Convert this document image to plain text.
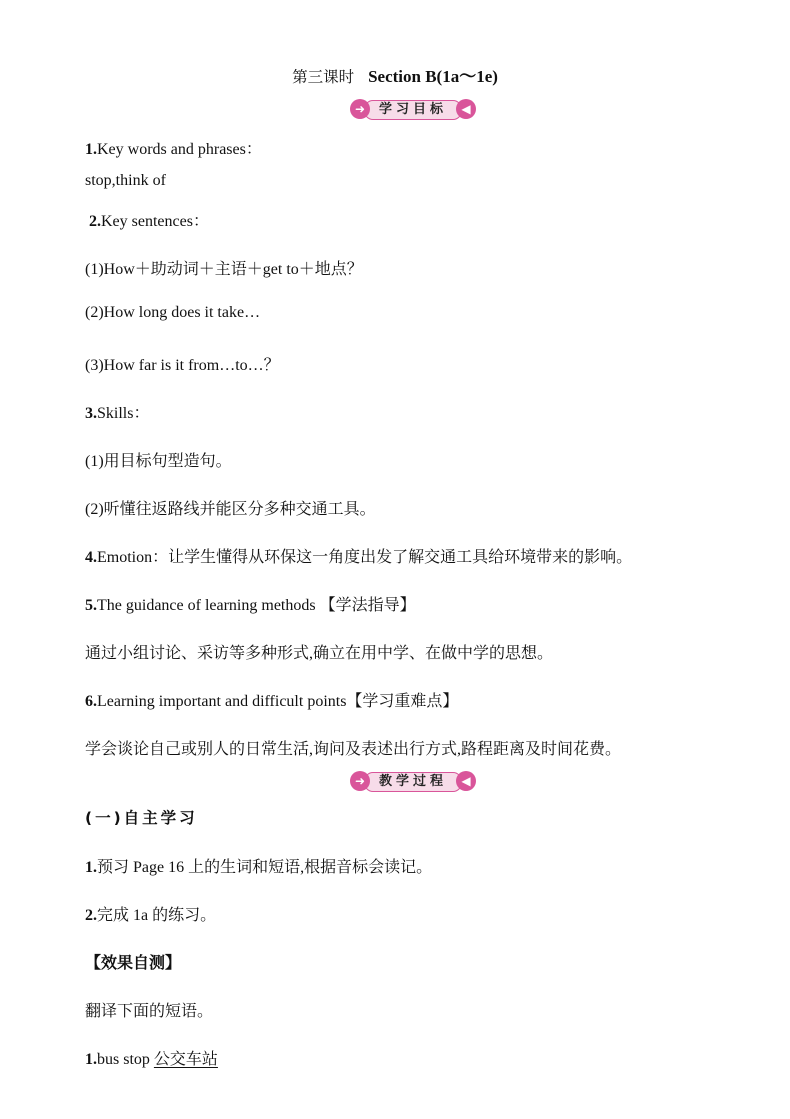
第三课时 Section B(1a～1e)
➜	学习目标	◀
1.Key words and phrases：
stop,think of
2.Key sentences：
(1)How＋助动词＋主语＋get to＋地点？
(2)How long does it take…
(3)How far is it from…to…？
3.Skills：
(1)用目标句型造句。
(2)听懂往返路线并能区分多种交通工具。
4.Emotion：让学生懂得从环保这一角度出发了解交通工具给环境带来的影响。
5.The guidance of learning methods 【学法指导】
通过小组讨论、采访等多种形式,确立在用中学、在做中学的思想。
6.Learning important and difficult points【学习重难点】
学会谈论自己或别人的日常生活,询问及表述出行方式,路程距离及时间花费。
➜	教学过程	◀
(一)自主学习
1.预习 Page 16 上的生词和短语,根据音标会读记。
2.完成 1a 的练习。
【效果自测】
翻译下面的短语。
1.bus stop 公交车站
